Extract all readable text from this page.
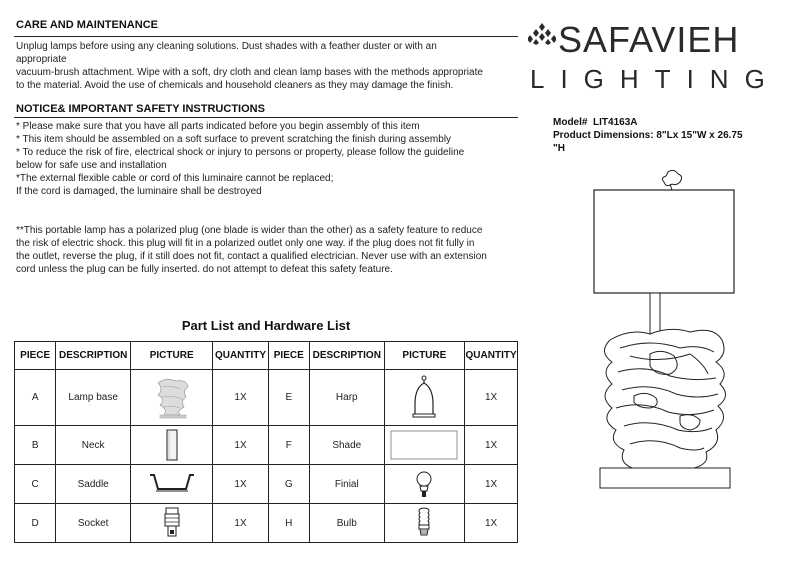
CARE AND MAINTENANCE
Unplug lamps before using any cleaning solutions. Dust shades with a feather duster or with an
appropriate
vacuum-brush attachment. Wipe with a soft, dry cloth and clean lamp bases with the methods appropriate
to the material. Avoid the use of chemicals and household cleaners as they may damage the finish.
NOTICE& IMPORTANT SAFETY INSTRUCTIONS
* Please make sure that you have all parts indicated before you begin assembly of this item
* This item should be assembled on a soft surface to prevent scratching the finish during assembly
* To reduce the risk of fire, electrical shock or injury to persons or property, please follow the guideline
below for safe use and installation
*The external flexible cable or cord of this luminaire cannot be replaced;
If the cord is damaged, the luminaire shall be destroyed
**This portable lamp has a polarized plug (one blade is wider than the other) as a safety feature to reduce
the risk of electric shock. this plug will fit in a polarized outlet only one way. if the plug does not fit fully in
the outlet, reverse the plug, if it still does not fit, contact a qualified electrician. Never use with an extension
cord unless the plug can be fully inserted. do not attempt to defeat this safety feature.
Part List and Hardware List
PIECE	DESCRIPTION	PICTURE	QUANTITY	PIECE	DESCRIPTION	PICTURE	QUANTITY
A	Lamp base		1X	E	Harp		1X
B	Neck		1X	F	Shade		1X
C	Saddle		1X	G	Finial		1X
D	Socket		1X	H	Bulb		1X
SAFAVIEH
LIGHTING
Model# LIT4163A
Product Dimensions: 8"Lx 15"W x 26.75
"H
